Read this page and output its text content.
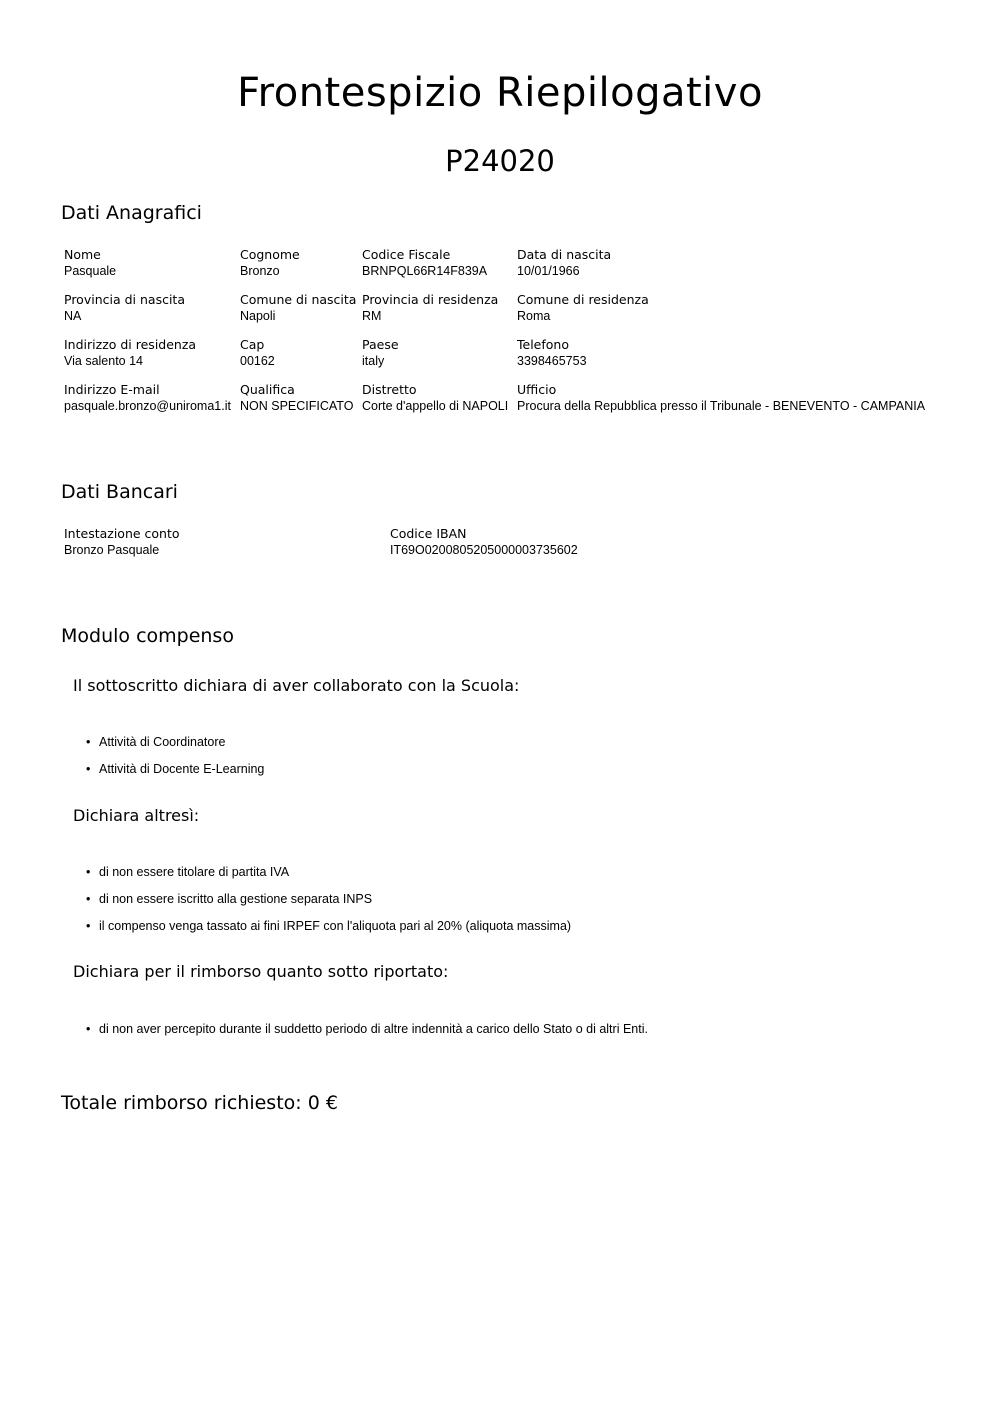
Frontespizio Riepilogativo
P24020
Dati Anagrafici
Nome
Pasquale
Cognome
Bronzo
Codice Fiscale
BRNPQL66R14F839A
Data di nascita
10/01/1966
Provincia di nascita
NA
Comune di nascita
Napoli
Provincia di residenza
RM
Comune di residenza
Roma
Indirizzo di residenza
Via salento 14
Cap
00162
Paese
italy
Telefono
3398465753
Indirizzo E-mail
pasquale.bronzo@uniroma1.it
Qualifica
NON SPECIFICATO
Distretto
Corte d'appello di NAPOLI
Ufficio
Procura della Repubblica presso il Tribunale - BENEVENTO - CAMPANIA
Dati Bancari
Intestazione conto
Bronzo Pasquale
Codice IBAN
IT69O0200805205000003735602
Modulo compenso
Il sottoscritto dichiara di aver collaborato con la Scuola:
• Attività di Coordinatore
• Attività di Docente E-Learning
Dichiara altresì:
• di non essere titolare di partita IVA
• di non essere iscritto alla gestione separata INPS
• il compenso venga tassato ai fini IRPEF con l'aliquota pari al 20% (aliquota massima)
Dichiara per il rimborso quanto sotto riportato:
• di non aver percepito durante il suddetto periodo di altre indennità a carico dello Stato o di altri Enti.
Totale rimborso richiesto: 0 €
